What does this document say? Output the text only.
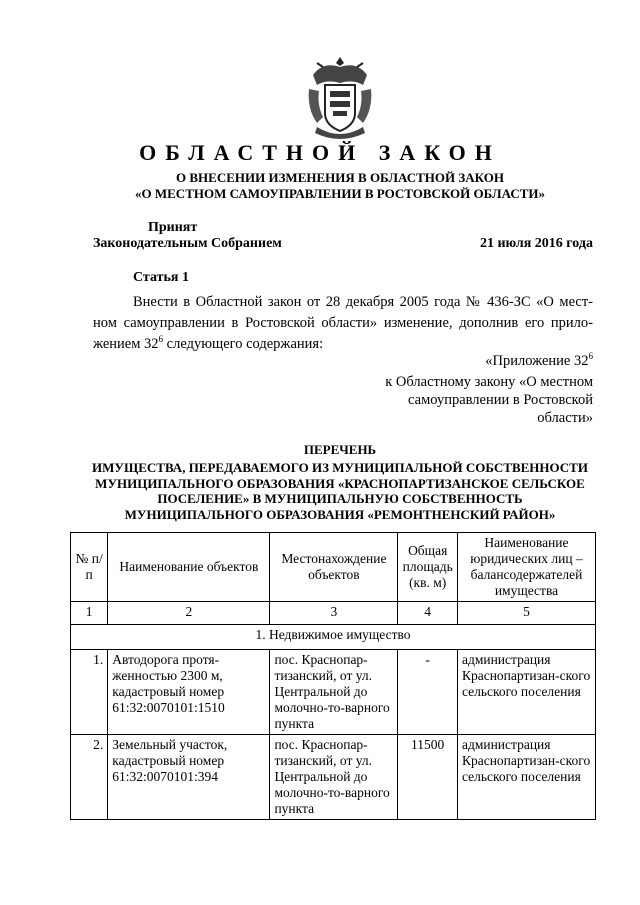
ОБЛАСТНОЙ ЗАКОН
О ВНЕСЕНИИ ИЗМЕНЕНИЯ В ОБЛАСТНОЙ ЗАКОН
«О МЕСТНОМ САМОУПРАВЛЕНИИ В РОСТОВСКОЙ ОБЛАСТИ»
Принят
Законодательным Собранием	21 июля 2016 года
Статья 1
Внести в Областной закон от 28 декабря 2005 года № 436-ЗС «О мест-
ном самоуправлении в Ростовской области» изменение, дополнив его прило-
жением $32^6$ следующего содержания:
«Приложение $32^6$
к Областному закону «О местном
самоуправлении в Ростовской области»
ПЕРЕЧЕНЬ
ИМУЩЕСТВА, ПЕРЕДАВАЕМОГО ИЗ МУНИЦИПАЛЬНОЙ СОБСТВЕННОСТИ
МУНИЦИПАЛЬНОГО ОБРАЗОВАНИЯ «КРАСНОПАРТИЗАНСКОЕ СЕЛЬСКОЕ
ПОСЕЛЕНИЕ» В МУНИЦИПАЛЬНУЮ СОБСТВЕННОСТЬ
МУНИЦИПАЛЬНОГО ОБРАЗОВАНИЯ «РЕМОНТНЕНСКИЙ РАЙОН»
№ п/п	Наименование объектов	Местонахождение объектов	Общая площадь (кв. м)	Наименование юридических лиц – балансодержателей имущества
1	2	3	4	5
1. Недвижимое имущество				
1.	Автодорога протя-женностью 2300 м, кадастровый номер 61:32:0070101:1510	пос. Краснопар-тизанский, от ул. Центральной до молочно-то-варного пункта	-	администрация Краснопартизан-ского сельского поселения
2.	Земельный участок, кадастровый номер 61:32:0070101:394	пос. Краснопар-тизанский, от ул. Центральной до молочно-то-варного пункта	11500	администрация Краснопартизан-ского сельского поселения
